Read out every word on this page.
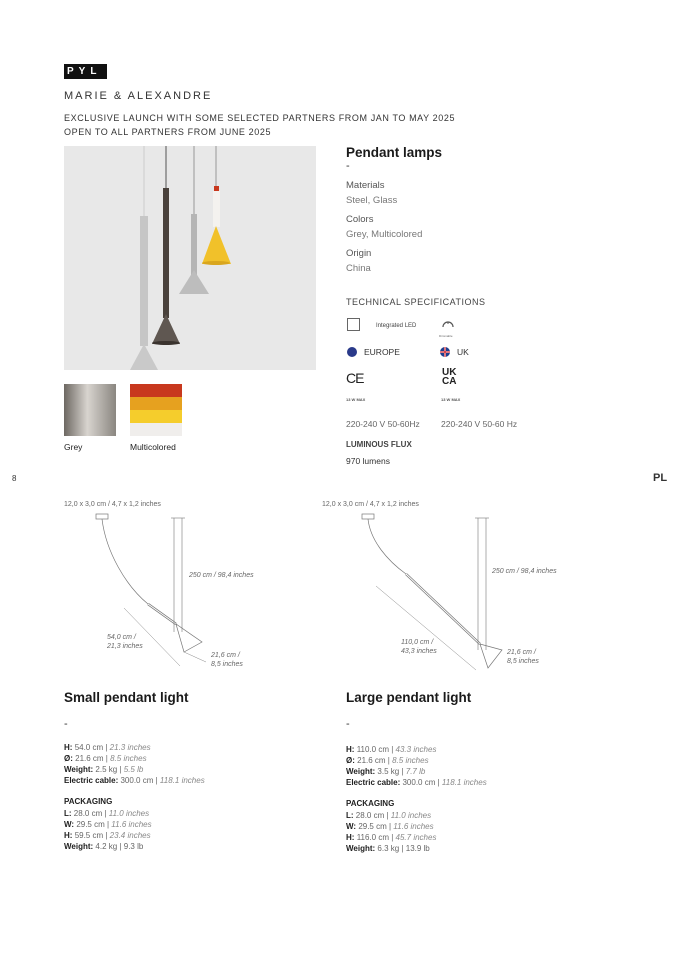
PYL
MARIE & ALEXANDRE
EXCLUSIVE LAUNCH WITH SOME SELECTED PARTNERS FROM JAN TO MAY 2025
OPEN TO ALL PARTNERS FROM JUNE 2025
Grey	Multicolored
Pendant lamps
-
Materials
Steel, Glass
Colors
Grey, Multicolored
Origin
China
TECHNICAL SPECIFICATIONS
Integrated LED
Dimmable
EUROPE	UK
CE	UK CA
13 W MAX	13 W MAX
220-240 V 50-60Hz	220-240 V 50-60 Hz
LUMINOUS FLUX
970 lumens
8	PL
12,0 x 3,0 cm / 4,7 x 1,2 inches
250 cm / 98,4 inches
54,0 cm /
21,3 inches
21,6 cm /
8,5 inches
12,0 x 3,0 cm / 4,7 x 1,2 inches
250 cm / 98,4 inches
110,0 cm /
43,3 inches	21,6 cm /
8,5 inches
Small pendant light
-
H: 54.0 cm | 21.3 inches
Ø: 21.6 cm | 8.5 inches
Weight: 2.5 kg | 5.5 lb
Electric cable: 300.0 cm | 118.1 inches
PACKAGING
L: 28.0 cm | 11.0 inches
W: 29.5 cm | 11.6 inches
H: 59.5 cm | 23.4 inches
Weight: 4.2 kg | 9.3 lb
Large pendant light
-
H: 110.0 cm | 43.3 inches
Ø: 21.6 cm | 8.5 inches
Weight: 3.5 kg | 7.7 lb
Electric cable: 300.0 cm | 118.1 inches
PACKAGING
L: 28.0 cm | 11.0 inches
W: 29.5 cm | 11.6 inches
H: 116.0 cm | 45.7 inches
Weight: 6.3 kg | 13.9 lb
